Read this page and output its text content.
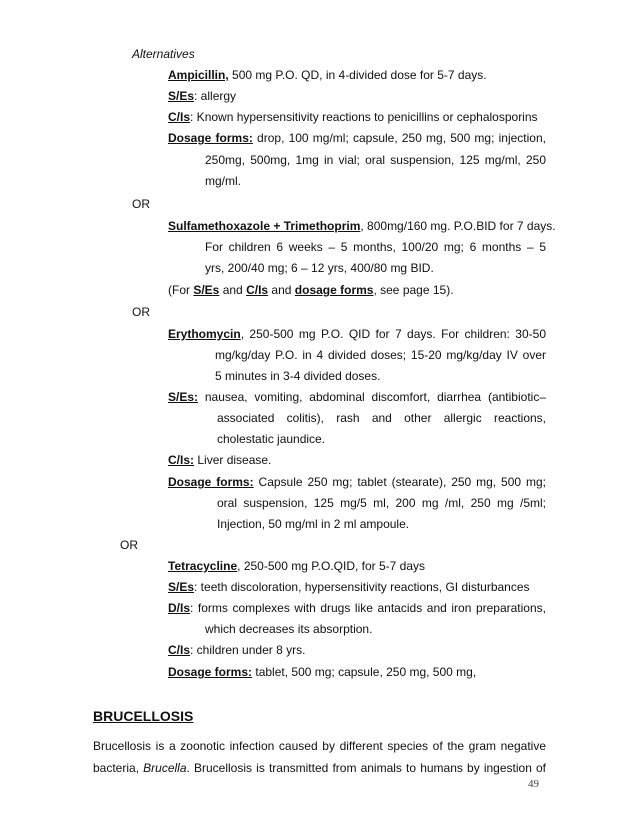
Alternatives
Ampicillin, 500 mg P.O. QD, in 4-divided dose for 5-7 days.
S/Es: allergy
C/Is: Known hypersensitivity reactions to penicillins or cephalosporins
Dosage forms: drop, 100 mg/ml; capsule, 250 mg, 500 mg; injection,
250mg, 500mg, 1mg in vial; oral suspension, 125 mg/ml, 250
mg/ml.
OR
Sulfamethoxazole + Trimethoprim, 800mg/160 mg. P.O.BID for 7 days.
For children 6 weeks – 5 months, 100/20 mg; 6 months – 5
yrs, 200/40 mg; 6 – 12 yrs, 400/80 mg BID.
(For S/Es and C/Is and dosage forms, see page 15).
OR
Erythomycin, 250-500 mg P.O. QID for 7 days. For children: 30-50
mg/kg/day P.O. in 4 divided doses; 15-20 mg/kg/day IV over
5 minutes in 3-4 divided doses.
S/Es: nausea, vomiting, abdominal discomfort, diarrhea (antibiotic–
associated colitis), rash and other allergic reactions,
cholestatic jaundice.
C/Is: Liver disease.
Dosage forms: Capsule 250 mg; tablet (stearate), 250 mg, 500 mg;
oral suspension, 125 mg/5 ml, 200 mg /ml, 250 mg /5ml;
Injection, 50 mg/ml in 2 ml ampoule.
OR
Tetracycline, 250-500 mg P.O.QID, for 5-7 days
S/Es: teeth discoloration, hypersensitivity reactions, GI disturbances
D/Is: forms complexes with drugs like antacids and iron preparations,
which decreases its absorption.
C/Is: children under 8 yrs.
Dosage forms: tablet, 500 mg; capsule, 250 mg, 500 mg,
BRUCELLOSIS
Brucellosis is a zoonotic infection caused by different species of the gram negative
bacteria, Brucella. Brucellosis is transmitted from animals to humans by ingestion of
49
